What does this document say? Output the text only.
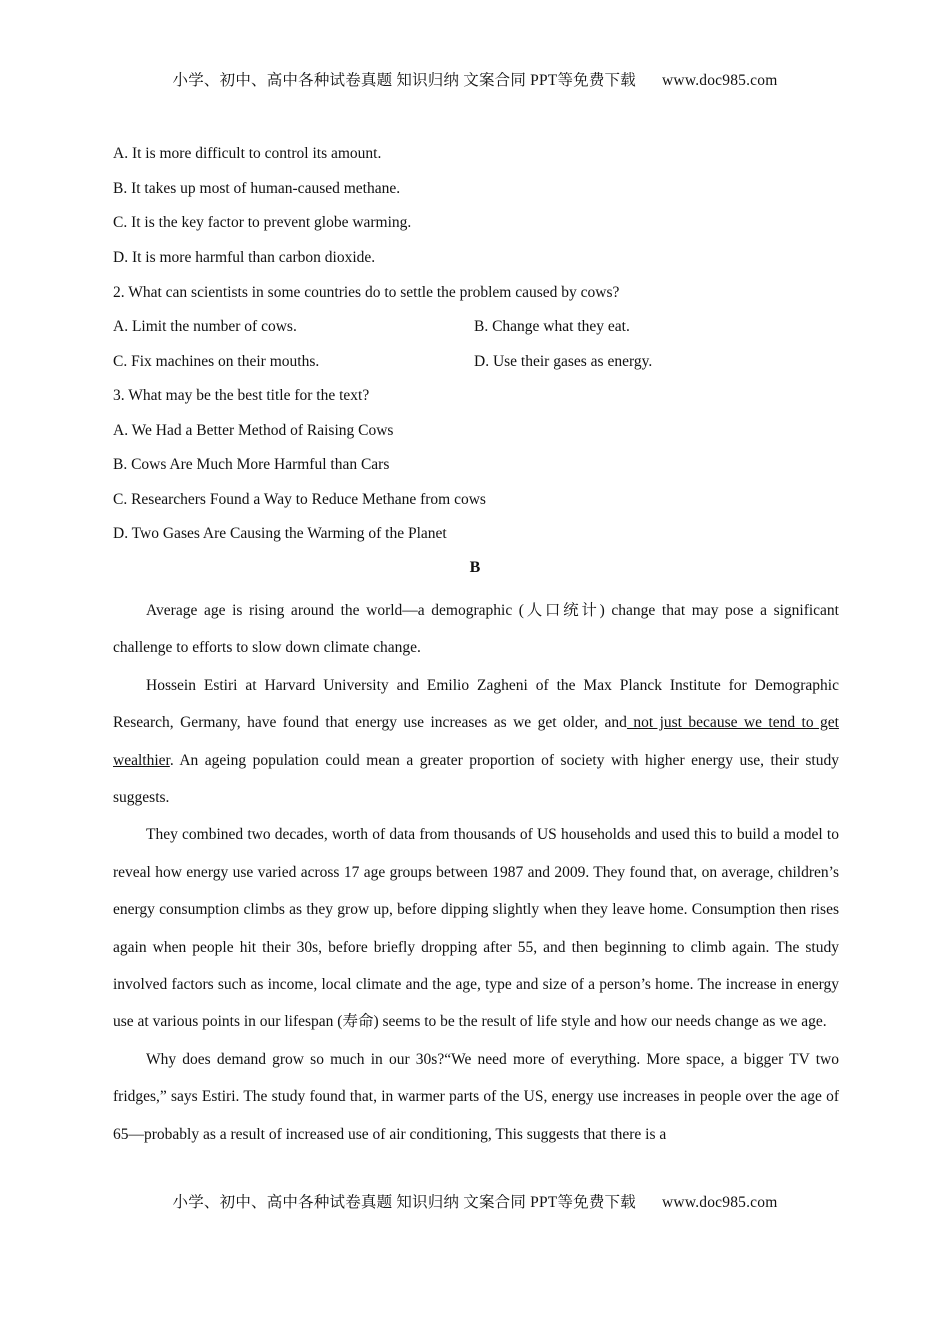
小学、初中、高中各种试卷真题 知识归纳 文案合同 PPT等免费下载 www.doc985.com
A. It is more difficult to control its amount.
B. It takes up most of human-caused methane.
C. It is the key factor to prevent globe warming.
D. It is more harmful than carbon dioxide.
2. What can scientists in some countries do to settle the problem caused by cows?
A. Limit the number of cows.	B. Change what they eat.
C. Fix machines on their mouths.	D. Use their gases as energy.
3. What may be the best title for the text?
A. We Had a Better Method of Raising Cows
B. Cows Are Much More Harmful than Cars
C. Researchers Found a Way to Reduce Methane from cows
D. Two Gases Are Causing the Warming of the Planet
B

Average age is rising around the world—a demographic (人口统计) change that may pose a significant challenge to efforts to slow down climate change.

Hossein Estiri at Harvard University and Emilio Zagheni of the Max Planck Institute for Demographic Research, Germany, have found that energy use increases as we get older, and not just because we tend to get wealthier. An ageing population could mean a greater proportion of society with higher energy use, their study suggests.

They combined two decades, worth of data from thousands of US households and used this to build a model to reveal how energy use varied across 17 age groups between 1987 and 2009. They found that, on average, children’s energy consumption climbs as they grow up, before dipping slightly when they leave home. Consumption then rises again when people hit their 30s, before briefly dropping after 55, and then beginning to climb again. The study involved factors such as income, local climate and the age, type and size of a person’s home. The increase in energy use at various points in our lifespan (寿命) seems to be the result of life style and how our needs change as we age.

Why does demand grow so much in our 30s?“We need more of everything. More space, a bigger TV two fridges,” says Estiri. The study found that, in warmer parts of the US, energy use increases in people over the age of 65—probably as a result of increased use of air conditioning, This suggests that there is a

小学、初中、高中各种试卷真题 知识归纳 文案合同 PPT等免费下载 www.doc985.com
